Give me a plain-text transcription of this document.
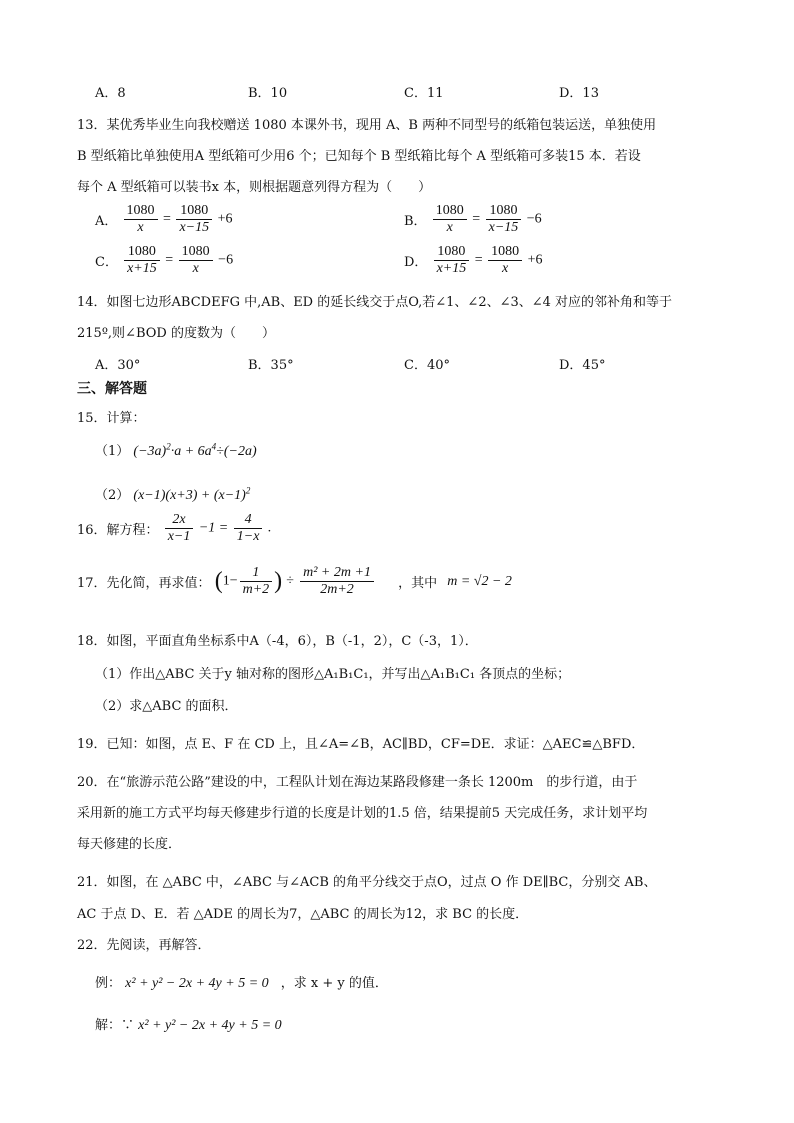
A．8	B．10	C．11	D．13
13．某优秀毕业生向我校赠送 1080 本课外书，现用 A、B 两种不同型号的纸箱包装运送，单独使用
B 型纸箱比单独使用A 型纸箱可少用6 个；已知每个 B 型纸箱比每个 A 型纸箱可多装15 本．若设
每个 A 型纸箱可以装书x 本，则根据题意列得方程为（　　）
A． $\frac{1080}{x} = \frac{1080}{x-15} +6$	B． $\frac{1080}{x} = \frac{1080}{x-15} -6$
C． $\frac{1080}{x+15} = \frac{1080}{x} -6$	D． $\frac{1080}{x+15} = \frac{1080}{x} +6$
14．如图七边形ABCDEFG 中,AB、ED 的延长线交于点O,若∠1、∠2、∠3、∠4 对应的邻补角和等于
215º,则∠BOD 的度数为（　　）
A．30°	B．35°	C．40°	D．45°
三、解答题
15．计算：
（1） $(-3a)^2\cdot a + 6a^4\div(-2a)$
（2） $(x-1)(x+3) + (x-1)^2$
16．解方程： $\frac{2x}{x-1} -1 = \frac{4}{1-x}$ .
17．先化简，再求值： ($1- \frac{1}{m+2}$ ) ÷ $\frac{\text{m² + 2m +1}}{2m+2}$ ，其中 m = √2 − 2
18．如图，平面直角坐标系中A（-4，6），B（-1，2），C（-3，1）．
（1）作出△ABC 关于y 轴对称的图形△A₁B₁C₁，并写出△A₁B₁C₁ 各顶点的坐标；
（2）求△ABC 的面积．
19．已知：如图，点 E、F 在 CD 上，且∠A=∠B，AC∥BD，CF=DE．求证：△AEC≌△BFD．
20．在“旅游示范公路”建设的中，工程队计划在海边某路段修建一条长 1200m　的步行道，由于
采用新的施工方式平均每天修建步行道的长度是计划的1.5 倍，结果提前5 天完成任务，求计划平均
每天修建的长度．
21．如图，在 △ABC 中，∠ABC 与∠ACB 的角平分线交于点O，过点 O 作 DE∥BC，分别交 AB、
AC 于点 D、E．若 △ADE 的周长为7，△ABC 的周长为12，求 BC 的长度．
22．先阅读，再解答．
例： x² + y² − 2x + 4y + 5 = 0 ，求 x + y 的值．
解：∵ x² + y² − 2x + 4y + 5 = 0
